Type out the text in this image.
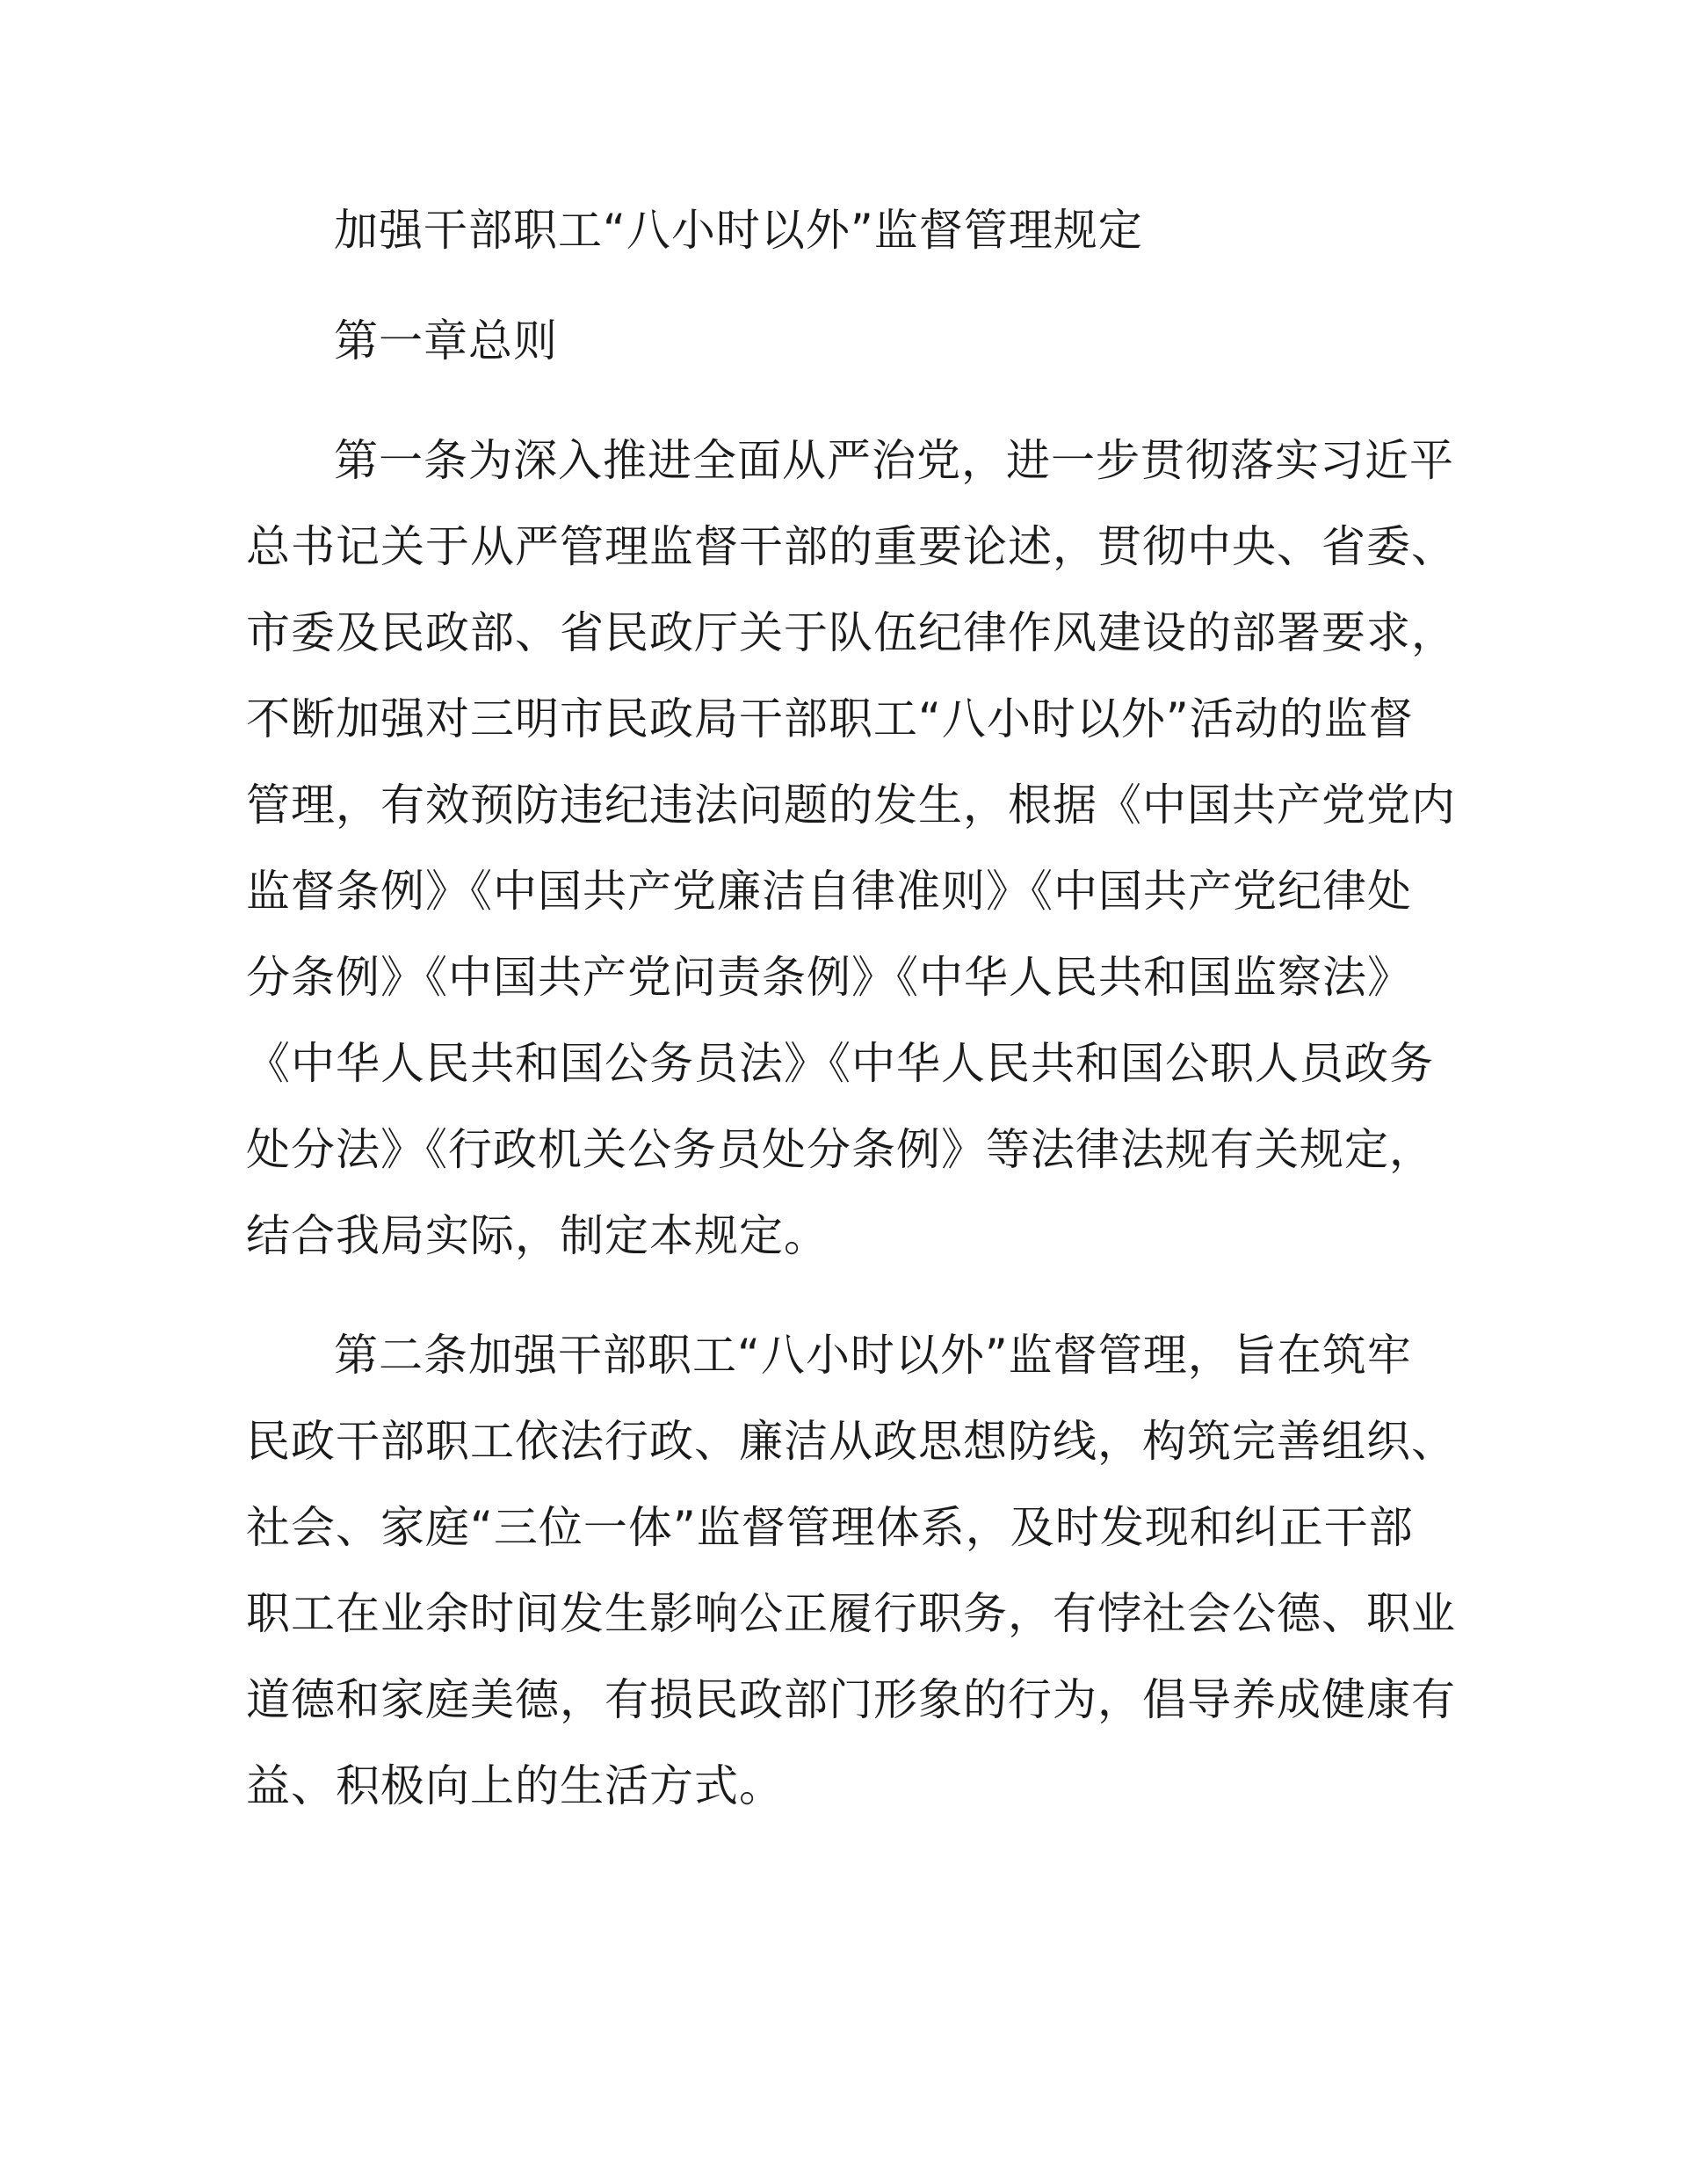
加强干部职工“八小时以外”监督管理规定

第一章总则

第一条为深入推进全面从严治党，进一步贯彻落实习近平

总书记关于从严管理监督干部的重要论述，贯彻中央、省委、

市委及民政部、省民政厅关于队伍纪律作风建设的部署要求，

不断加强对三明市民政局干部职工“八小时以外”活动的监督

管理，有效预防违纪违法问题的发生，根据《中国共产党党内

监督条例》《中国共产党廉洁自律准则》《中国共产党纪律处

分条例》《中国共产党问责条例》《中华人民共和国监察法》

《中华人民共和国公务员法》《中华人民共和国公职人员政务

处分法》《行政机关公务员处分条例》等法律法规有关规定，

结合我局实际，制定本规定。

第二条加强干部职工“八小时以外”监督管理，旨在筑牢

民政干部职工依法行政、廉洁从政思想防线，构筑完善组织、

社会、家庭“三位一体”监督管理体系，及时发现和纠正干部

职工在业余时间发生影响公正履行职务，有悖社会公德、职业

道德和家庭美德，有损民政部门形象的行为，倡导养成健康有

益、积极向上的生活方式。
